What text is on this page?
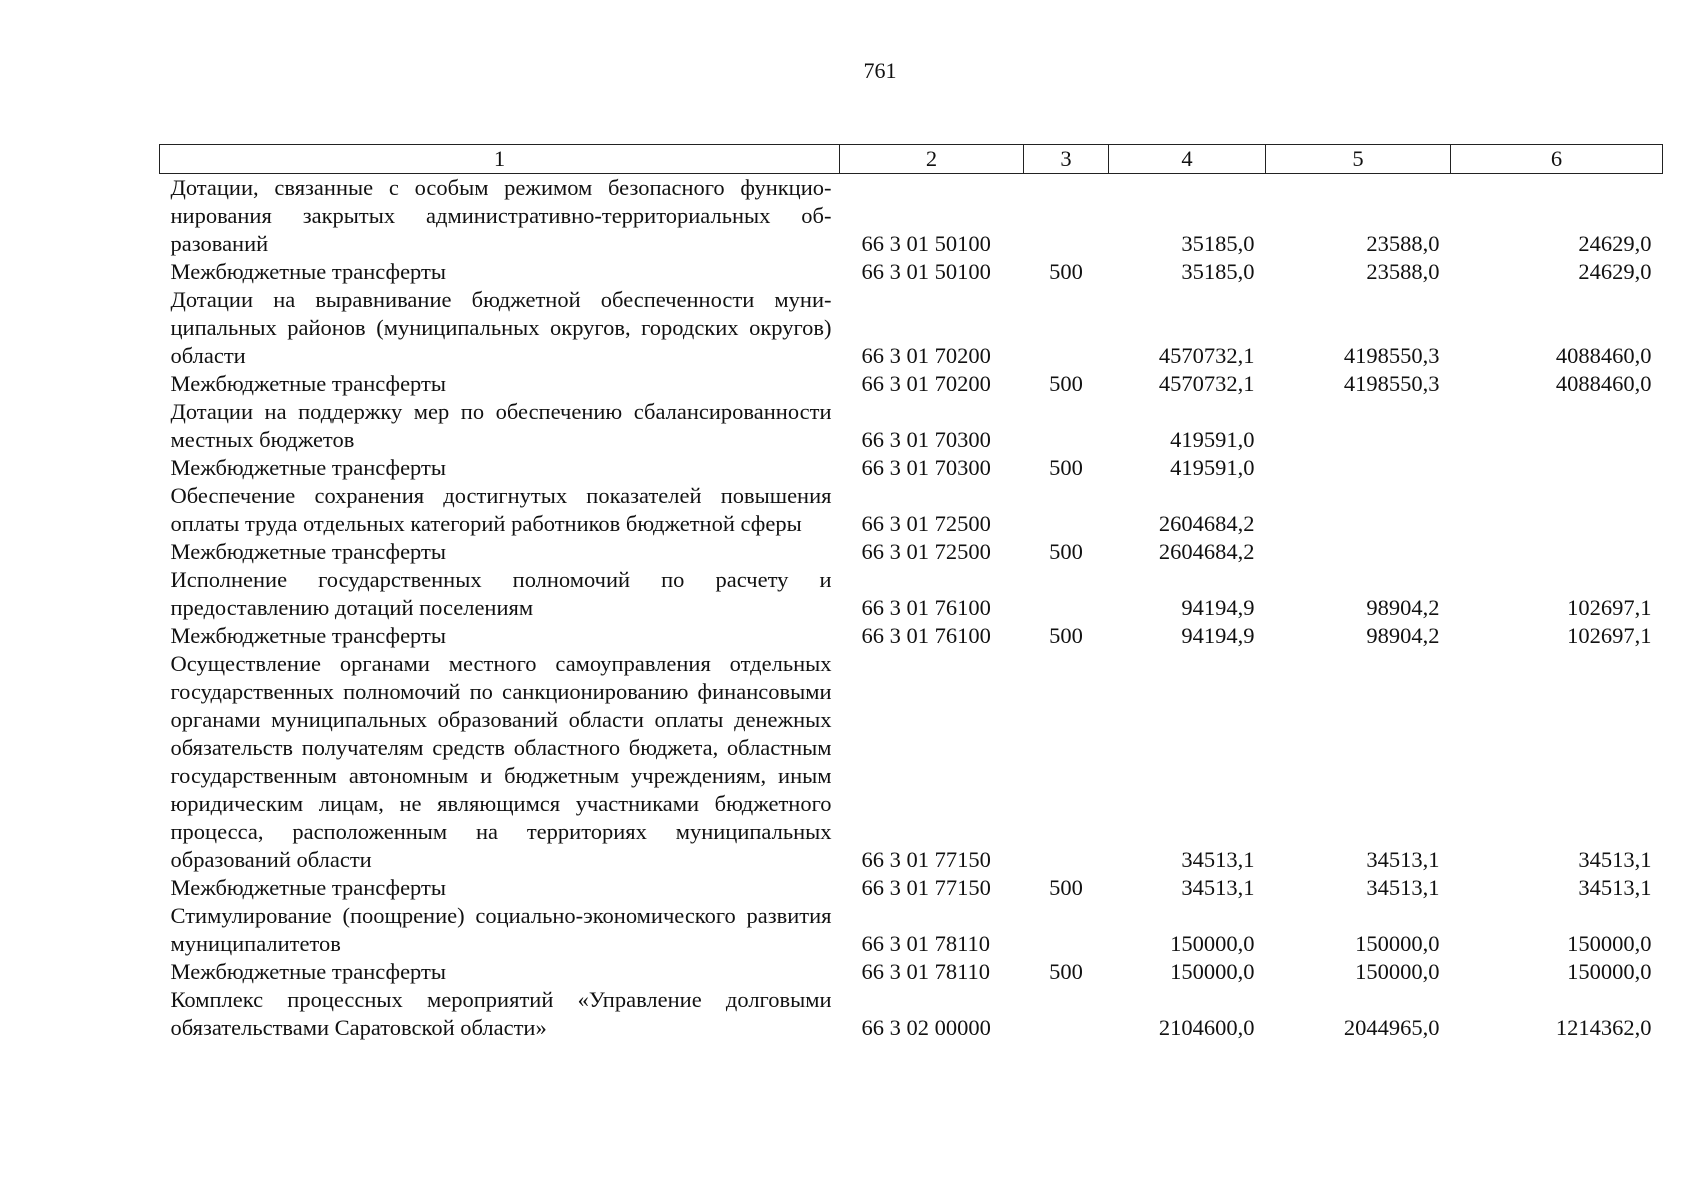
761
1	2	3	4	5	6
Дотации, связанные с особым режимом безопасного функционирования закрытых административно-территориальных образований	66 3 01 50100		35185,0	23588,0	24629,0
Межбюджетные трансферты	66 3 01 50100	500	35185,0	23588,0	24629,0
Дотации на выравнивание бюджетной обеспеченности муниципальных районов (муниципальных округов, городских округов) области	66 3 01 70200		4570732,1	4198550,3	4088460,0
Межбюджетные трансферты	66 3 01 70200	500	4570732,1	4198550,3	4088460,0
Дотации на поддержку мер по обеспечению сбалансированности местных бюджетов	66 3 01 70300		419591,0		
Межбюджетные трансферты	66 3 01 70300	500	419591,0		
Обеспечение сохранения достигнутых показателей повышения оплаты труда отдельных категорий работников бюджетной сферы	66 3 01 72500		2604684,2		
Межбюджетные трансферты	66 3 01 72500	500	2604684,2		
Исполнение государственных полномочий по расчету и предоставлению дотаций поселениям	66 3 01 76100		94194,9	98904,2	102697,1
Межбюджетные трансферты	66 3 01 76100	500	94194,9	98904,2	102697,1
Осуществление органами местного самоуправления отдельных государственных полномочий по санкционированию финансовыми органами муниципальных образований области оплаты денежных обязательств получателям средств областного бюджета, областным государственным автономным и бюджетным учреждениям, иным юридическим лицам, не являющимся участниками бюджетного процесса, расположенным на территориях муниципальных образований области	66 3 01 77150		34513,1	34513,1	34513,1
Межбюджетные трансферты	66 3 01 77150	500	34513,1	34513,1	34513,1
Стимулирование (поощрение) социально-экономического развития муниципалитетов	66 3 01 78110		150000,0	150000,0	150000,0
Межбюджетные трансферты	66 3 01 78110	500	150000,0	150000,0	150000,0
Комплекс процессных мероприятий «Управление долговыми обязательствами Саратовской области»	66 3 02 00000		2104600,0	2044965,0	1214362,0
